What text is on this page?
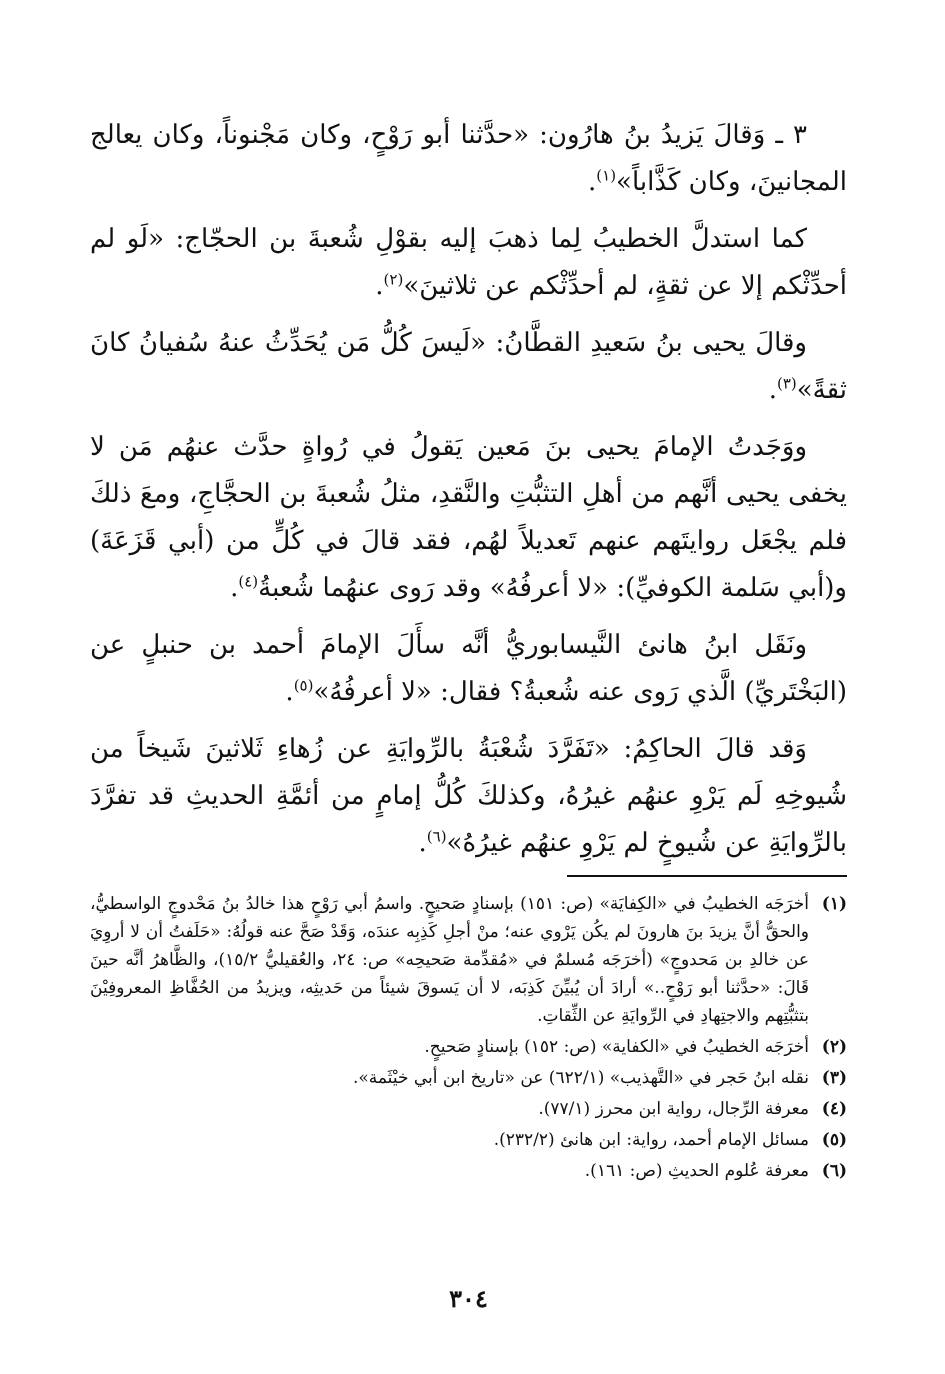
٣ ـ وَقالَ يَزيدُ بنُ هارُون: «حدَّثنا أبو رَوْحٍ، وكان مَجْنوناً، وكان يعالج المجانينَ، وكان كَذَّاباً»$^{(١)}$.

كما استدلَّ الخطيبُ لِما ذهبَ إليه بقوْلِ شُعبةَ بن الحجّاج: «لَو لم أحدِّثْكم إلا عن ثقةٍ، لم أحدِّثْكم عن ثلاثينَ»$^{(٢)}$.

وقالَ يحيى بنُ سَعيدِ القطَّانُ: «لَيسَ كُلُّ مَن يُحَدِّثُ عنهُ سُفيانُ كانَ ثقةً»$^{(٣)}$.

ووَجَدتُ الإمامَ يحيى بنَ مَعين يَقولُ في رُواةٍ حدَّث عنهُم مَن لا يخفى يحيى أنَّهم من أهلِ التثبُّتِ والنَّقدِ، مثلُ شُعبةَ بن الحجَّاجِ، ومعَ ذلكَ فلم يجْعَل روايتَهم عنهم تَعديلاً لهُم، فقد قالَ في كُلٍّ من (أبي قَزَعَةَ) و(أبي سَلمة الكوفيِّ): «لا أعرفُهُ» وقد رَوى عنهُما شُعبةُ$^{(٤)}$.

ونَقَل ابنُ هانئ النَّيسابوريُّ أنَّه سأَلَ الإمامَ أحمد بن حنبلٍ عن (البَخْتَريِّ) الَّذي رَوى عنه شُعبةُ؟ فقال: «لا أعرفُهُ»$^{(٥)}$.

وَقد قالَ الحاكِمُ: «تَفَرَّدَ شُعْبَةُ بالرِّوايَةِ عن زُهاءِ ثَلاثينَ شَيخاً من شُيوخِهِ لَم يَرْوِ عنهُم غيرُهُ، وكذلكَ كُلُّ إمامٍ من أئمَّةِ الحديثِ قد تفرَّدَ بالرِّوايَةِ عن شُيوخٍ لم يَرْوِ عنهُم غيرُهُ»$^{(٦)}$.

(١)
أخرَجَه الخطيبُ في «الكِفايَة» (ص: ١٥١) بإسنادٍ صَحيحٍ. واسمُ أبي رَوْحٍ هذا خالدُ بنُ مَحْدوجٍ الواسطيُّ، والحقُّ أنَّ يزيدَ بنَ هارونَ لم يكُن يَرْوي عنه؛ منْ أجلِ كَذِبِه عندَه، وَقَدْ صَحَّ عنه قولُهُ: «حَلَفتُ أن لا أروِيَ عن خالدِ بن مَحدوجٍ» (أخرَجَه مُسلمٌ في «مُقدِّمة صَحيحِه» ص: ٢٤، والعُقيليُّ ١٥/٢)، والظَّاهرُ أنَّه حينَ قَالَ: «حدَّثنا أبو رَوْحٍ..» أرادَ أن يُبيِّنَ كَذِبَه، لا أن يَسوقَ شيئاً من حَديثِه، ويزيدُ من الحُفَّاظِ المعروفِيْنَ بتثبُّتِهم والاجتِهادِ في الرِّوايَةِ عن الثِّقاتِ.
(٢)
أخرَجَه الخطيبُ في «الكفاية» (ص: ١٥٢) بإسنادٍ صَحيحٍ.
(٣)
نقله ابنُ حَجر في «التَّهذيب» (٦٢٢/١) عن «تاريخ ابن أبي خيْثَمة».
(٤)
معرفة الرِّجال، رواية ابن محرز (٧٧/١).
(٥)
مسائل الإمام أحمد، رواية: ابن هانئ (٢٣٢/٢).
(٦)
معرفة عُلوم الحديثِ (ص: ١٦١).
٣٠٤
